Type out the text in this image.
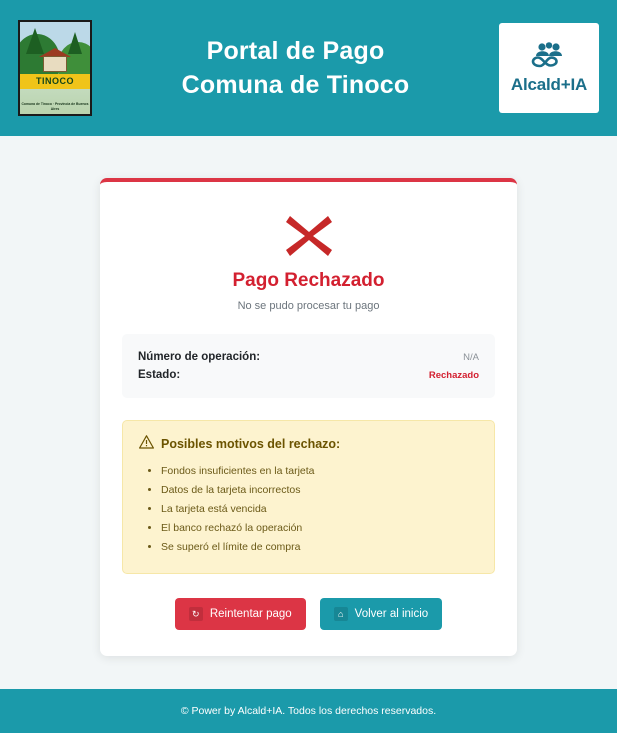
TINOCO
Comuna de Tinoco · Provincia de Buenos Aires
Portal de Pago
Comuna de Tinoco	Alcald+IA
Pago Rechazado

No se pudo procesar tu pago

Número de operación:	N/A
Estado:	Rechazado
Posibles motivos del rechazo:
• Fondos insuficientes en la tarjeta
• Datos de la tarjeta incorrectos
• La tarjeta está vencida
• El banco rechazó la operación
• Se superó el límite de compra
↻ Reintentar pago	⌂ Volver al inicio
© Power by Alcald+IA. Todos los derechos reservados.
